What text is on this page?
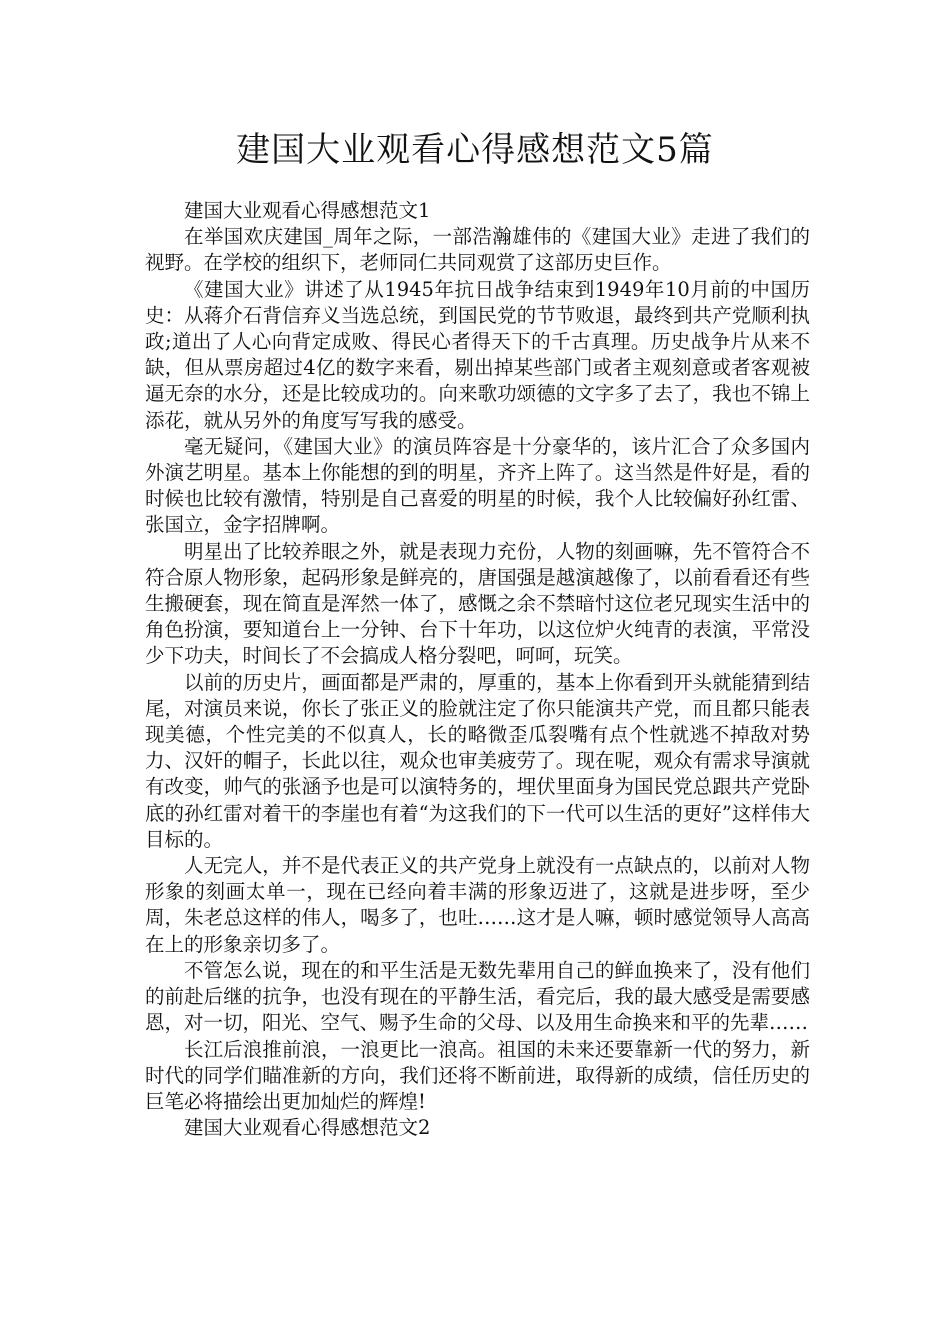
建国大业观看心得感想范文5篇

建国大业观看心得感想范文1

在举国欢庆建国_周年之际，一部浩瀚雄伟的《建国大业》走进了我们的视野。在学校的组织下，老师同仁共同观赏了这部历史巨作。

《建国大业》讲述了从1945年抗日战争结束到1949年10月前的中国历史：从蒋介石背信弃义当选总统，到国民党的节节败退，最终到共产党顺利执政;道出了人心向背定成败、得民心者得天下的千古真理。历史战争片从来不缺，但从票房超过4亿的数字来看，剔出掉某些部门或者主观刻意或者客观被逼无奈的水分，还是比较成功的。向来歌功颂德的文字多了去了，我也不锦上添花，就从另外的角度写写我的感受。

毫无疑问，《建国大业》的演员阵容是十分豪华的，该片汇合了众多国内外演艺明星。基本上你能想的到的明星，齐齐上阵了。这当然是件好是，看的时候也比较有激情，特别是自己喜爱的明星的时候，我个人比较偏好孙红雷、张国立，金字招牌啊。

明星出了比较养眼之外，就是表现力充份，人物的刻画嘛，先不管符合不符合原人物形象，起码形象是鲜亮的，唐国强是越演越像了，以前看看还有些生搬硬套，现在简直是浑然一体了，感慨之余不禁暗忖这位老兄现实生活中的角色扮演，要知道台上一分钟、台下十年功，以这位炉火纯青的表演，平常没少下功夫，时间长了不会搞成人格分裂吧，呵呵，玩笑。

以前的历史片，画面都是严肃的，厚重的，基本上你看到开头就能猜到结尾，对演员来说，你长了张正义的脸就注定了你只能演共产党，而且都只能表现美德，个性完美的不似真人，长的略微歪瓜裂嘴有点个性就逃不掉敌对势力、汉奸的帽子，长此以往，观众也审美疲劳了。现在呢，观众有需求导演就有改变，帅气的张涵予也是可以演特务的，埋伏里面身为国民党总跟共产党卧底的孙红雷对着干的李崖也有着“为这我们的下一代可以生活的更好”这样伟大目标的。

人无完人，并不是代表正义的共产党身上就没有一点缺点的，以前对人物形象的刻画太单一，现在已经向着丰满的形象迈进了，这就是进步呀，至少周，朱老总这样的伟人，喝多了，也吐……这才是人嘛，顿时感觉领导人高高在上的形象亲切多了。

不管怎么说，现在的和平生活是无数先辈用自己的鲜血换来了，没有他们的前赴后继的抗争，也没有现在的平静生活，看完后，我的最大感受是需要感恩，对一切，阳光、空气、赐予生命的父母、以及用生命换来和平的先辈……

长江后浪推前浪，一浪更比一浪高。祖国的未来还要靠新一代的努力，新时代的同学们瞄准新的方向，我们还将不断前进，取得新的成绩，信任历史的巨笔必将描绘出更加灿烂的辉煌!

建国大业观看心得感想范文2
